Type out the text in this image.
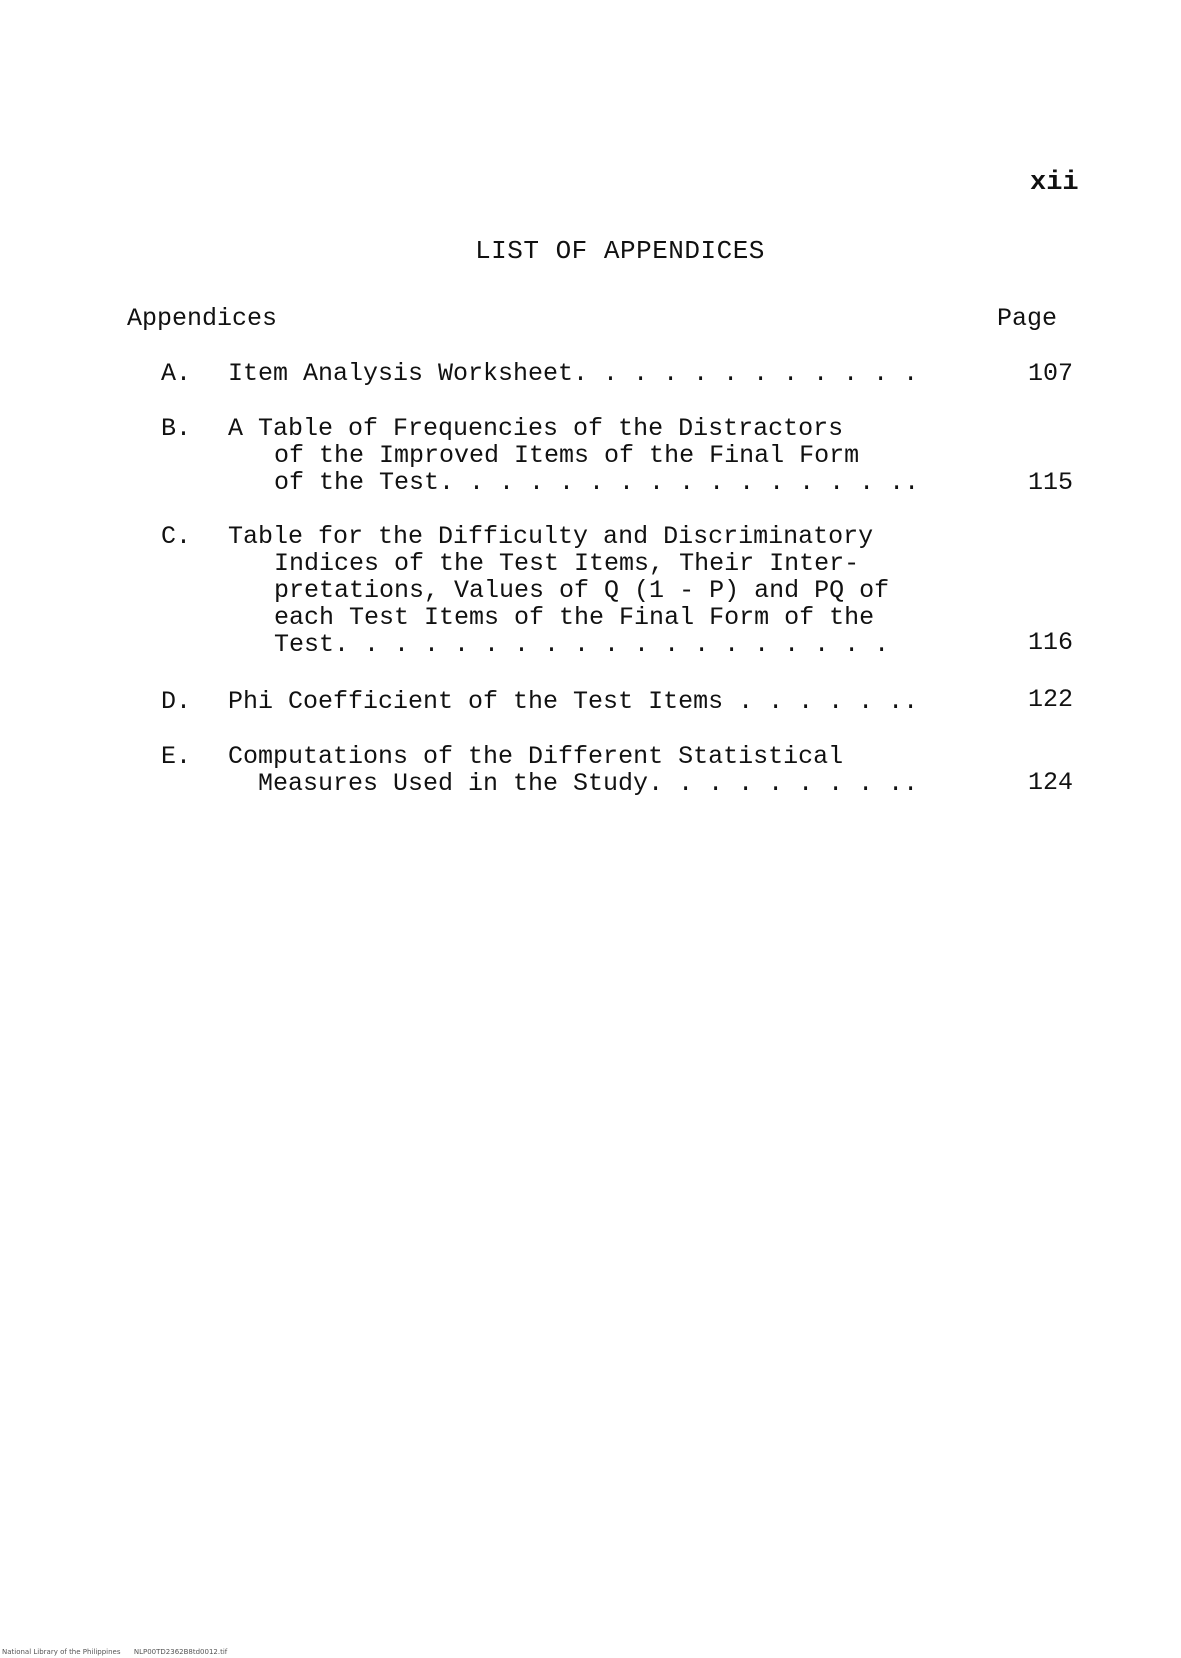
xii
LIST OF APPENDICES
Appendices	Page
A. Item Analysis Worksheet. . . . . . . . . . . .	107
B. A Table of Frequencies of the Distractors
of the Improved Items of the Final Form
of the Test. . . . . . . . . . . . . . . ..	115
C. Table for the Difficulty and Discriminatory
Indices of the Test Items, Their Inter-
pretations, Values of Q (1 - P) and PQ of
each Test Items of the Final Form of the
Test. . . . . . . . . . . . . . . . . . .	116
D. Phi Coefficient of the Test Items . . . . . ..	122
E. Computations of the Different Statistical
Measures Used in the Study. . . . . . . . ..	124
National Library of the Philippines NLP00TD2362B8td0012.tif
